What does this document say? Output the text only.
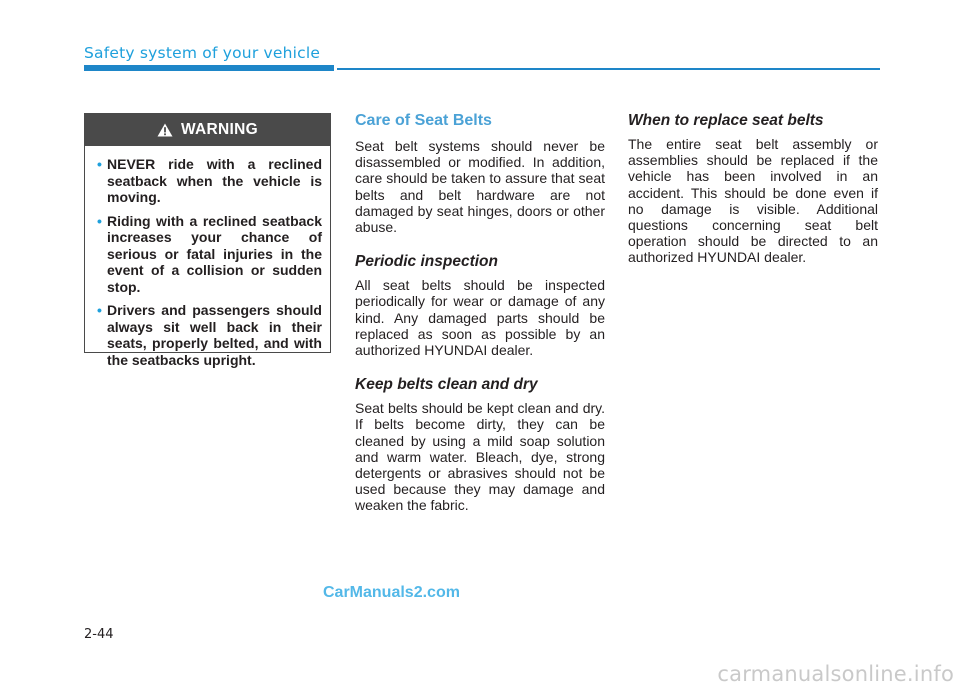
Safety system of your vehicle
WARNING
• NEVER ride with a reclined seatback when the vehicle is moving.
• Riding with a reclined seatback increases your chance of serious or fatal injuries in the event of a collision or sudden stop.
• Drivers and passengers should always sit well back in their seats, properly belted, and with the seatbacks upright.
Care of Seat Belts

Seat belt systems should never be disassembled or modified. In addition, care should be taken to assure that seat belts and belt hardware are not damaged by seat hinges, doors or other abuse.

Periodic inspection

All seat belts should be inspected periodically for wear or damage of any kind. Any damaged parts should be replaced as soon as possible by an authorized HYUNDAI dealer.

Keep belts clean and dry

Seat belts should be kept clean and dry. If belts become dirty, they can be cleaned by using a mild soap solution and warm water. Bleach, dye, strong detergents or abrasives should not be used because they may damage and weaken the fabric.

When to replace seat belts

The entire seat belt assembly or assemblies should be replaced if the vehicle has been involved in an accident. This should be done even if no damage is visible. Additional questions concerning seat belt operation should be directed to an authorized HYUNDAI dealer.

CarManuals2.com
2-44
carmanualsonline.info
